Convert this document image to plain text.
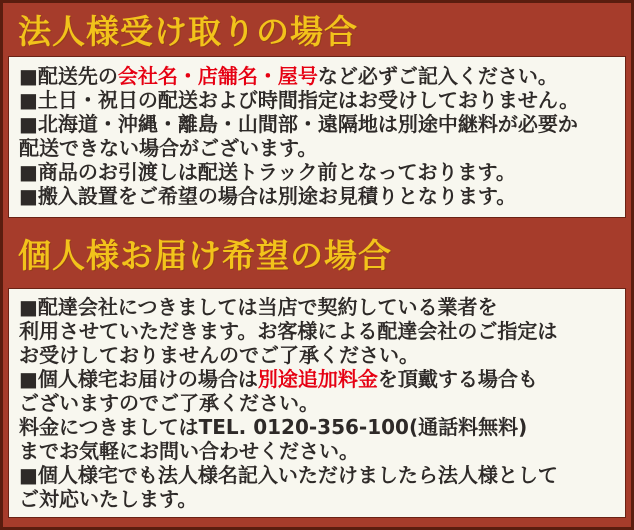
法人様受け取りの場合
■配送先の会社名・店舗名・屋号など必ずご記入ください。
■土日・祝日の配送および時間指定はお受けしておりません。
■北海道・沖縄・離島・山間部・遠隔地は別途中継料が必要か
配送できない場合がございます。
■商品のお引渡しは配送トラック前となっております。
■搬入設置をご希望の場合は別途お見積りとなります。
個人様お届け希望の場合
■配達会社につきましては当店で契約している業者を
利用させていただきます。お客様による配達会社のご指定は
お受けしておりませんのでご了承ください。
■個人様宅お届けの場合は別途追加料金を頂戴する場合も
ございますのでご了承ください。
料金につきましてはTEL. 0120-356-100(通話料無料)
までお気軽にお問い合わせください。
■個人様宅でも法人様名記入いただけましたら法人様として
ご対応いたします。
